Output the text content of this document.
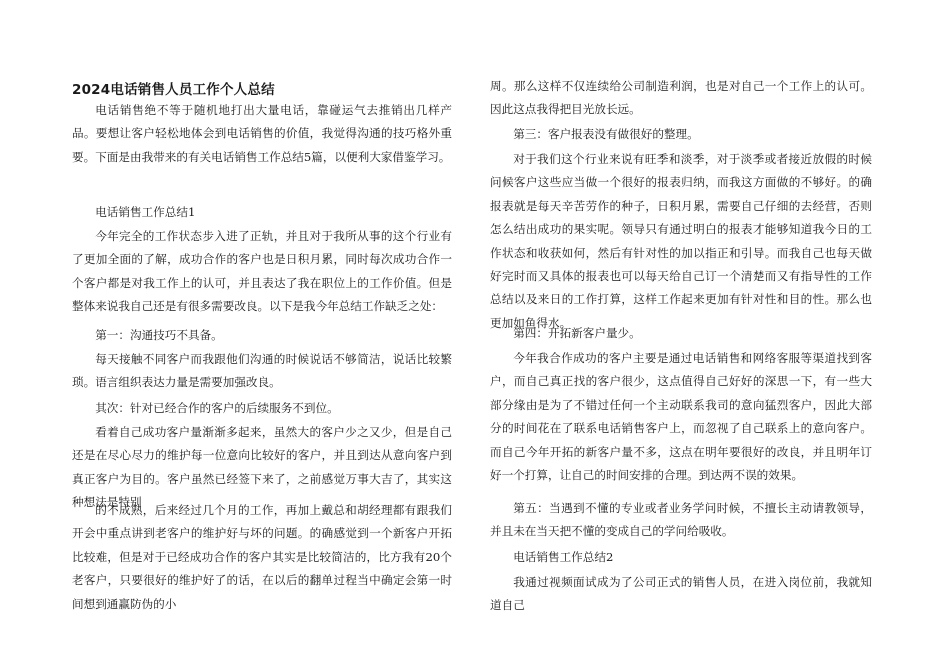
2024电话销售人员工作个人总结

电话销售绝不等于随机地打出大量电话，靠碰运气去推销出几样产品。要想让客户轻松地体会到电话销售的价值，我觉得沟通的技巧格外重要。下面是由我带来的有关电话销售工作总结5篇，以便利大家借鉴学习。

电话销售工作总结1

今年完全的工作状态步入进了正轨，并且对于我所从事的这个行业有了更加全面的了解，成功合作的客户也是日积月累，同时每次成功合作一个客户都是对我工作上的认可，并且表达了我在职位上的工作价值。但是整体来说我自己还是有很多需要改良。以下是我今年总结工作缺乏之处：

第一：沟通技巧不具备。

每天接触不同客户而我跟他们沟通的时候说话不够简洁，说话比较繁琐。语言组织表达力量是需要加强改良。

其次：针对已经合作的客户的后续服务不到位。

看着自己成功客户量渐渐多起来，虽然大的客户少之又少，但是自己还是在尽心尽力的维护每一位意向比较好的客户，并且到达从意向客户到真正客户为目的。客户虽然已经签下来了，之前感觉万事大吉了，其实这种想法是特别

的不成熟，后来经过几个月的工作，再加上戴总和胡经理都有跟我们开会中重点讲到老客户的维护好与坏的问题。的确感觉到一个新客户开拓比较难，但是对于已经成功合作的客户其实是比较简洁的，比方我有20个老客户，只要很好的维护好了的话，在以后的翻单过程当中确定会第一时间想到通赢防伪的小

周。那么这样不仅连续给公司制造利润，也是对自己一个工作上的认可。因此这点我得把目光放长远。

第三：客户报表没有做很好的整理。

对于我们这个行业来说有旺季和淡季，对于淡季或者接近放假的时候问候客户这些应当做一个很好的报表归纳，而我这方面做的不够好。的确报表就是每天辛苦劳作的种子，日积月累，需要自己仔细的去经营，否则怎么结出成功的果实呢。领导只有通过明白的报表才能够知道我今日的工作状态和收获如何，然后有针对性的加以指正和引导。而我自己也每天做好完时而又具体的报表也可以每天给自己订一个清楚而又有指导性的工作总结以及来日的工作打算，这样工作起来更加有针对性和目的性。那么也更加如鱼得水。

第四：开拓新客户量少。

今年我合作成功的客户主要是通过电话销售和网络客服等渠道找到客户，而自己真正找的客户很少，这点值得自己好好的深思一下，有一些大部分缘由是为了不错过任何一个主动联系我司的意向猛烈客户，因此大部分的时间花在了联系电话销售客户上，而忽视了自己联系上的意向客户。而自己今年开拓的新客户量不多，这点在明年要很好的改良，并且明年订好一个打算，让自己的时间安排的合理。到达两不误的效果。

第五：当遇到不懂的专业或者业务学问时候，不擅长主动请教领导，并且未在当天把不懂的变成自己的学问给吸收。

电话销售工作总结2

我通过视频面试成为了公司正式的销售人员，在进入岗位前，我就知道自己
